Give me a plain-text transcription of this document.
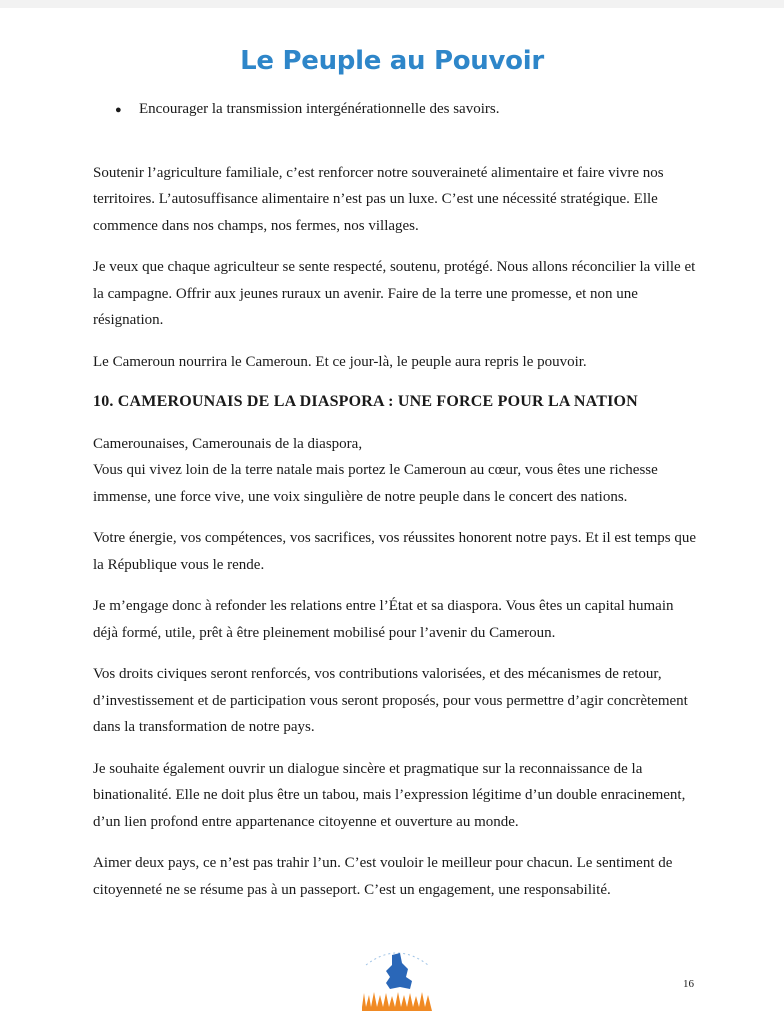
Le Peuple au Pouvoir
●	Encourager la transmission intergénérationnelle des savoirs.

Soutenir l’agriculture familiale, c’est renforcer notre souveraineté alimentaire et faire vivre nos territoires. L’autosuffisance alimentaire n’est pas un luxe. C’est une nécessité stratégique. Elle commence dans nos champs, nos fermes, nos villages.

Je veux que chaque agriculteur se sente respecté, soutenu, protégé. Nous allons réconcilier la ville et la campagne. Offrir aux jeunes ruraux un avenir. Faire de la terre une promesse, et non une résignation.

Le Cameroun nourrira le Cameroun. Et ce jour-là, le peuple aura repris le pouvoir.

10. CAMEROUNAIS DE LA DIASPORA : UNE FORCE POUR LA NATION

Camerounaises, Camerounais de la diaspora,

Vous qui vivez loin de la terre natale mais portez le Cameroun au cœur, vous êtes une richesse immense, une force vive, une voix singulière de notre peuple dans le concert des nations.

Votre énergie, vos compétences, vos sacrifices, vos réussites honorent notre pays. Et il est temps que la République vous le rende.

Je m’engage donc à refonder les relations entre l’État et sa diaspora. Vous êtes un capital humain déjà formé, utile, prêt à être pleinement mobilisé pour l’avenir du Cameroun.

Vos droits civiques seront renforcés, vos contributions valorisées, et des mécanismes de retour, d’investissement et de participation vous seront proposés, pour vous permettre d’agir concrètement dans la transformation de notre pays.

Je souhaite également ouvrir un dialogue sincère et pragmatique sur la reconnaissance de la binationalité. Elle ne doit plus être un tabou, mais l’expression légitime d’un double enracinement, d’un lien profond entre appartenance citoyenne et ouverture au monde.

Aimer deux pays, ce n’est pas trahir l’un. C’est vouloir le meilleur pour chacun. Le sentiment de citoyenneté ne se résume pas à un passeport. C’est un engagement, une responsabilité.

16
